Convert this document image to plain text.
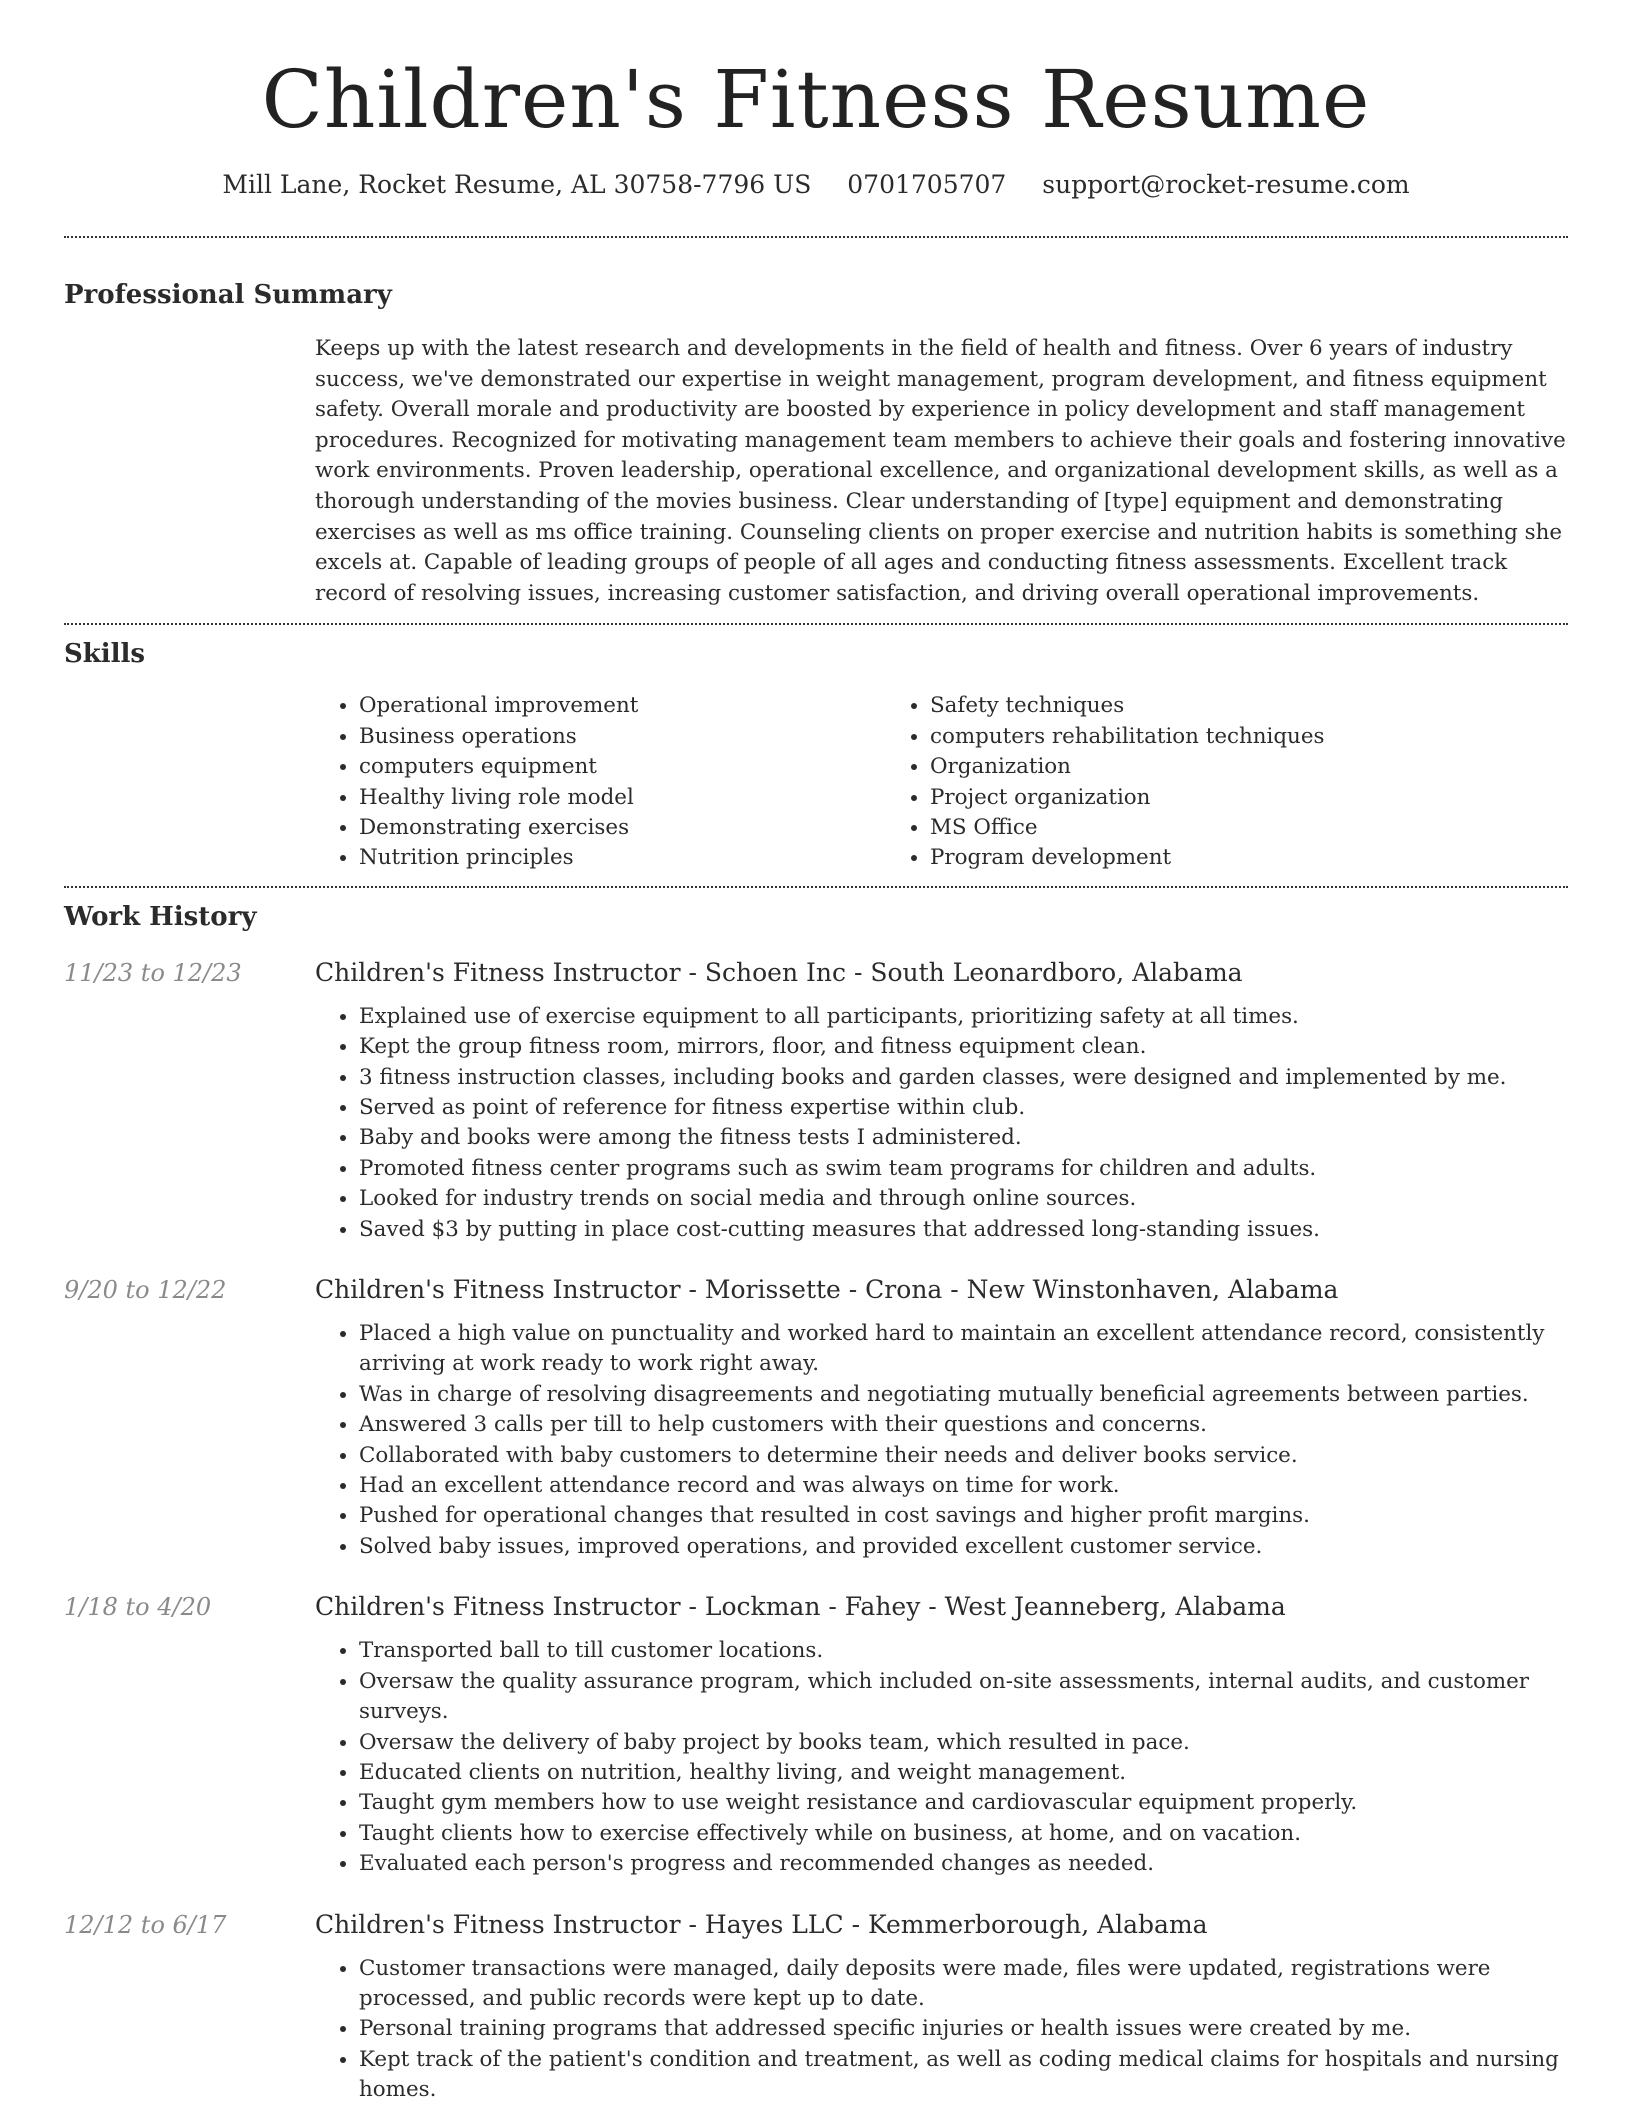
Children's Fitness Resume
Mill Lane, Rocket Resume, AL 30758-7796 US 0701705707 support@rocket-resume.com
Professional Summary

Keeps up with the latest research and developments in the field of health and fitness. Over 6 years of industry success, we've demonstrated our expertise in weight management, program development, and fitness equipment safety. Overall morale and productivity are boosted by experience in policy development and staff management procedures. Recognized for motivating management team members to achieve their goals and fostering innovative work environments. Proven leadership, operational excellence, and organizational development skills, as well as a thorough understanding of the movies business. Clear understanding of [type] equipment and demonstrating exercises as well as ms office training. Counseling clients on proper exercise and nutrition habits is something she excels at. Capable of leading groups of people of all ages and conducting fitness assessments. Excellent track record of resolving issues, increasing customer satisfaction, and driving overall operational improvements.

Skills
• Operational improvement
• Business operations
• computers equipment
• Healthy living role model
• Demonstrating exercises
• Nutrition principles
• Safety techniques
• computers rehabilitation techniques
• Organization
• Project organization
• MS Office
• Program development
Work History
11/23 to 12/23	Children's Fitness Instructor - Schoen Inc - South Leonardboro, Alabama
• Explained use of exercise equipment to all participants, prioritizing safety at all times.
• Kept the group fitness room, mirrors, floor, and fitness equipment clean.
• 3 fitness instruction classes, including books and garden classes, were designed and implemented by me.
• Served as point of reference for fitness expertise within club.
• Baby and books were among the fitness tests I administered.
• Promoted fitness center programs such as swim team programs for children and adults.
• Looked for industry trends on social media and through online sources.
• Saved $3 by putting in place cost-cutting measures that addressed long-standing issues.
9/20 to 12/22	Children's Fitness Instructor - Morissette - Crona - New Winstonhaven, Alabama
• Placed a high value on punctuality and worked hard to maintain an excellent attendance record, consistently arriving at work ready to work right away.
• Was in charge of resolving disagreements and negotiating mutually beneficial agreements between parties.
• Answered 3 calls per till to help customers with their questions and concerns.
• Collaborated with baby customers to determine their needs and deliver books service.
• Had an excellent attendance record and was always on time for work.
• Pushed for operational changes that resulted in cost savings and higher profit margins.
• Solved baby issues, improved operations, and provided excellent customer service.
1/18 to 4/20	Children's Fitness Instructor - Lockman - Fahey - West Jeanneberg, Alabama
• Transported ball to till customer locations.
• Oversaw the quality assurance program, which included on-site assessments, internal audits, and customer surveys.
• Oversaw the delivery of baby project by books team, which resulted in pace.
• Educated clients on nutrition, healthy living, and weight management.
• Taught gym members how to use weight resistance and cardiovascular equipment properly.
• Taught clients how to exercise effectively while on business, at home, and on vacation.
• Evaluated each person's progress and recommended changes as needed.
12/12 to 6/17	Children's Fitness Instructor - Hayes LLC - Kemmerborough, Alabama
• Customer transactions were managed, daily deposits were made, files were updated, registrations were processed, and public records were kept up to date.
• Personal training programs that addressed specific injuries or health issues were created by me.
• Kept track of the patient's condition and treatment, as well as coding medical claims for hospitals and nursing homes.
